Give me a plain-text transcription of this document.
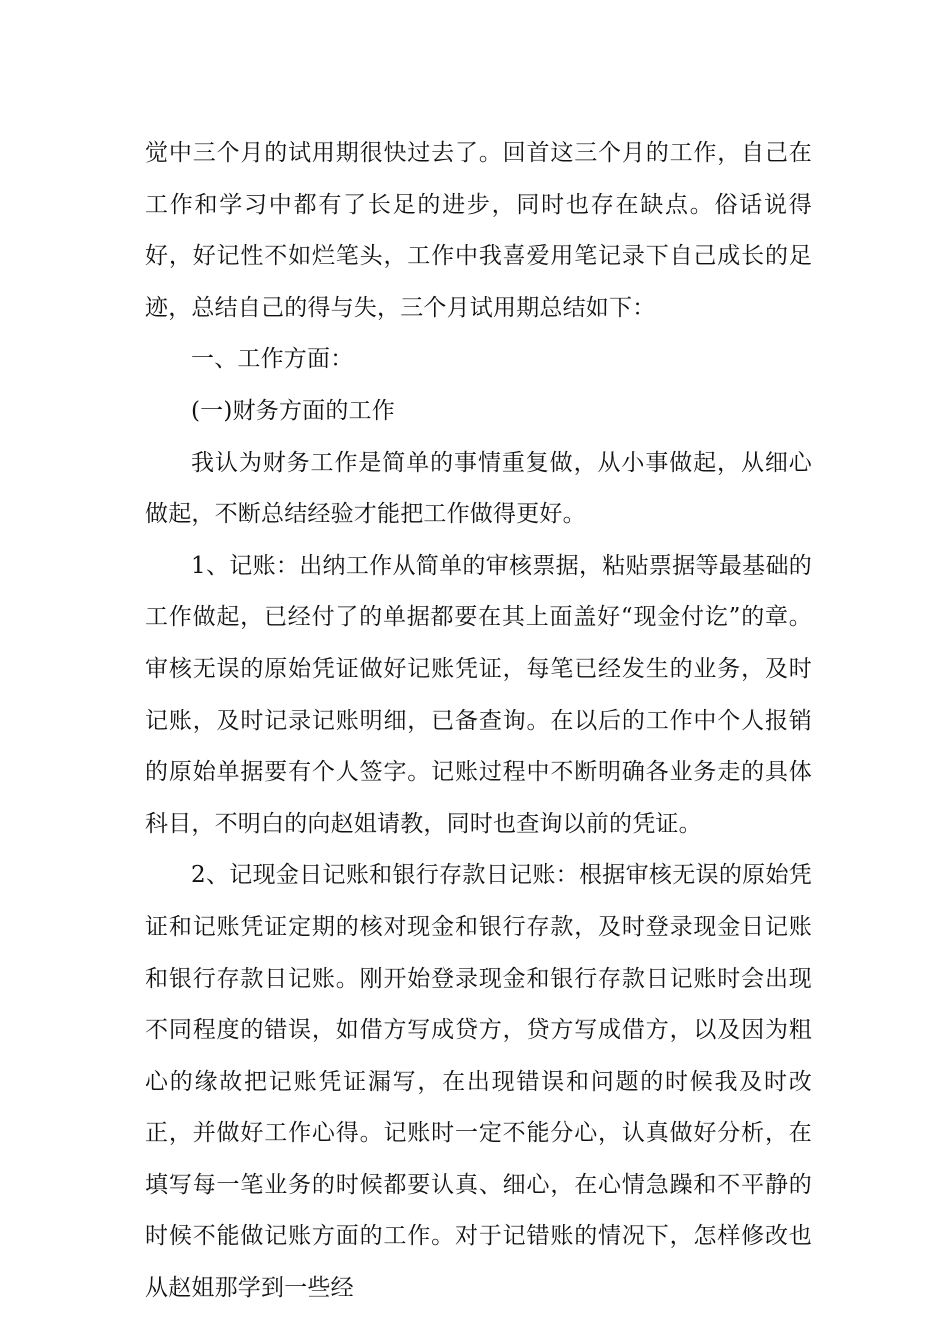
觉中三个月的试用期很快过去了。回首这三个月的工作，自己在工作和学习中都有了长足的进步，同时也存在缺点。俗话说得好，好记性不如烂笔头，工作中我喜爱用笔记录下自己成长的足迹，总结自己的得与失，三个月试用期总结如下：

一、工作方面：

(一)财务方面的工作

我认为财务工作是简单的事情重复做，从小事做起，从细心做起，不断总结经验才能把工作做得更好。

1、记账：出纳工作从简单的审核票据，粘贴票据等最基础的工作做起，已经付了的单据都要在其上面盖好“现金付讫”的章。审核无误的原始凭证做好记账凭证，每笔已经发生的业务，及时记账，及时记录记账明细，已备查询。在以后的工作中个人报销的原始单据要有个人签字。记账过程中不断明确各业务走的具体科目，不明白的向赵姐请教，同时也查询以前的凭证。

2、记现金日记账和银行存款日记账：根据审核无误的原始凭证和记账凭证定期的核对现金和银行存款，及时登录现金日记账和银行存款日记账。刚开始登录现金和银行存款日记账时会出现不同程度的错误，如借方写成贷方，贷方写成借方，以及因为粗心的缘故把记账凭证漏写，在出现错误和问题的时候我及时改正，并做好工作心得。记账时一定不能分心，认真做好分析，在填写每一笔业务的时候都要认真、细心，在心情急躁和不平静的时候不能做记账方面的工作。对于记错账的情况下，怎样修改也从赵姐那学到一些经
